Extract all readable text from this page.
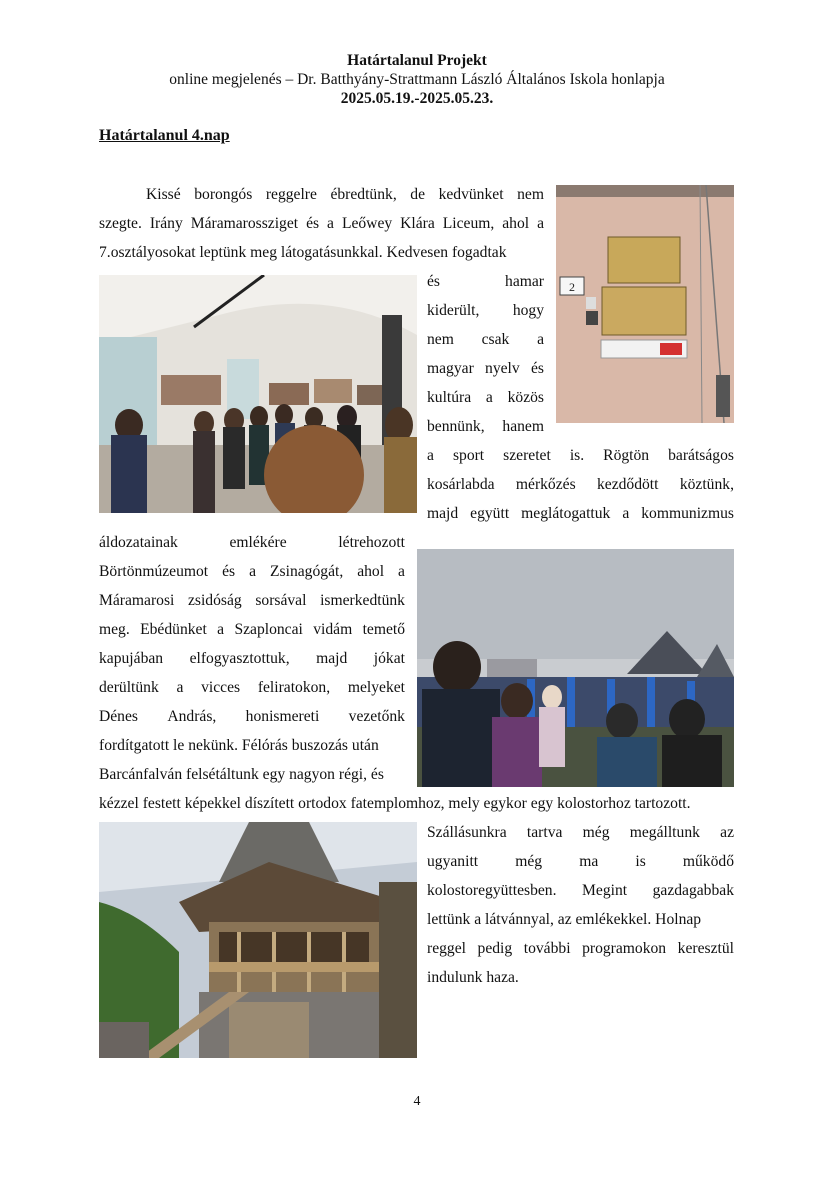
Határtalanul Projekt
online megjelenés – Dr. Batthyány-Strattmann László Általános Iskola honlapja
2025.05.19.-2025.05.23.
Határtalanul 4.nap
Kissé borongós reggelre ébredtünk, de kedvünket nem
szegte. Irány Máramarossziget és a Leőwey Klára Liceum, ahol a
7.osztályosokat leptünk meg látogatásunkkal. Kedvesen fogadtak
és	hamar
kiderült, hogy
nem csak a
magyar nyelv és
kultúra a közös
bennünk, hanem
a sport szeretet is. Rögtön barátságos
kosárlabda mérkőzés kezdődött köztünk,
majd együtt meglátogattuk a kommunizmus
áldozatainak	emlékére	létrehozott
Börtönmúzeumot és a Zsinagógát, ahol a
Máramarosi zsidóság sorsával ismerkedtünk
meg. Ebédünket a Szaploncai vidám temető
kapujában elfogyasztottuk, majd jókat
derültünk a vicces feliratokon, melyeket
Dénes András, honismereti vezetőnk
fordítgatott le nekünk. Félórás buszozás után
Barcánfalván felsétáltunk egy nagyon régi, és
kézzel festett képekkel díszített ortodox fatemplomhoz, mely egykor egy kolostorhoz tartozott.
Szállásunkra tartva még megálltunk az
ugyanitt még ma is működő
kolostoregyüttesben. Megint gazdagabbak
lettünk a látvánnyal, az emlékekkel. Holnap
reggel pedig további programokon keresztül
indulunk haza.
2
4
